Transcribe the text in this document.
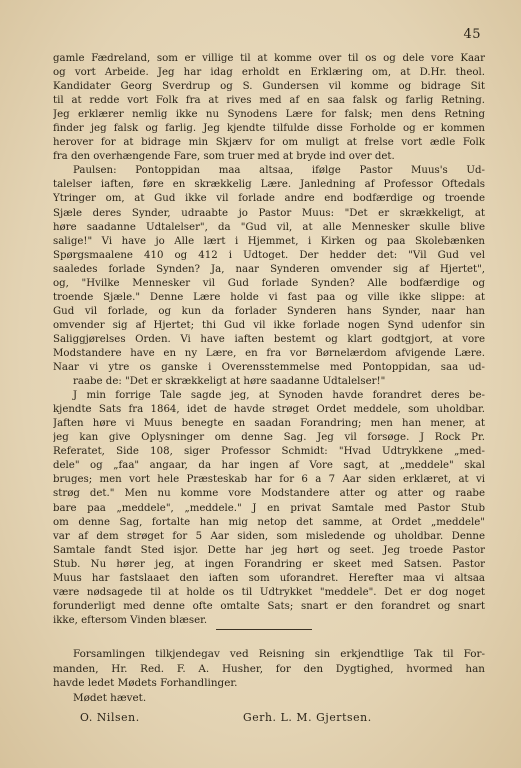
45
gamle Fædreland, som er villige til at komme over til os og dele vore Kaar
og vort Arbeide. Jeg har idag erholdt en Erklæring om, at D.Hr. theol.
Kandidater Georg Sverdrup og S. Gundersen vil komme og bidrage Sit
til at redde vort Folk fra at rives med af en saa falsk og farlig Retning.
Jeg erklærer nemlig ikke nu Synodens Lære for falsk; men dens Retning
finder jeg falsk og farlig. Jeg kjendte tilfulde disse Forholde og er kommen
herover for at bidrage min Skjærv for om muligt at frelse vort ædle Folk
fra den overhængende Fare, som truer med at bryde ind over det.
Paulsen: Pontoppidan maa altsaa, ifølge Pastor Muus's Ud-
talelser iaften, føre en skrækkelig Lære. Janledning af Professor Oftedals
Ytringer om, at Gud ikke vil forlade andre end bodfærdige og troende
Sjæle deres Synder, udraabte jo Pastor Muus: "Det er skrækkeligt, at
høre saadanne Udtalelser", da "Gud vil, at alle Mennesker skulle blive
salige!" Vi have jo Alle lært i Hjemmet, i Kirken og paa Skolebænken
Spørgsmaalene 410 og 412 i Udtoget. Der hedder det: "Vil Gud vel
saaledes forlade Synden? Ja, naar Synderen omvender sig af Hjertet",
og, "Hvilke Mennesker vil Gud forlade Synden? Alle bodfærdige og
troende Sjæle." Denne Lære holde vi fast paa og ville ikke slippe: at
Gud vil forlade, og kun da forlader Synderen hans Synder, naar han
omvender sig af Hjertet; thi Gud vil ikke forlade nogen Synd udenfor sin
Saliggjørelses Orden. Vi have iaften bestemt og klart godtgjort, at vore
Modstandere have en ny Lære, en fra vor Børnelærdom afvigende Lære.
Naar vi ytre os ganske i Overensstemmelse med Pontoppidan, saa ud-
raabe de: "Det er skrækkeligt at høre saadanne Udtalelser!"
J min forrige Tale sagde jeg, at Synoden havde forandret deres be-
kjendte Sats fra 1864, idet de havde strøget Ordet meddele, som uholdbar.
Jaften høre vi Muus benegte en saadan Forandring; men han mener, at
jeg kan give Oplysninger om denne Sag. Jeg vil forsøge. J Rock Pr.
Referatet, Side 108, siger Professor Schmidt: "Hvad Udtrykkene „med-
dele" og „faa" angaar, da har ingen af Vore sagt, at „meddele" skal
bruges; men vort hele Præsteskab har for 6 a 7 Aar siden erklæret, at vi
strøg det." Men nu komme vore Modstandere atter og atter og raabe
bare paa „meddele", „meddele." J en privat Samtale med Pastor Stub
om denne Sag, fortalte han mig netop det samme, at Ordet „meddele"
var af dem strøget for 5 Aar siden, som misledende og uholdbar. Denne
Samtale fandt Sted isjor. Dette har jeg hørt og seet. Jeg troede Pastor
Stub. Nu hører jeg, at ingen Forandring er skeet med Satsen. Pastor
Muus har fastslaaet den iaften som uforandret. Herefter maa vi altsaa
være nødsagede til at holde os til Udtrykket "meddele". Det er dog noget
forunderligt med denne ofte omtalte Sats; snart er den forandret og snart
ikke, eftersom Vinden blæser.
Forsamlingen tilkjendegav ved Reisning sin erkjendtlige Tak til For-
manden, Hr. Red. F. A. Husher, for den Dygtighed, hvormed han
havde ledet Mødets Forhandlinger.
Mødet hævet.
O. Nilsen.	Gerh. L. M. Gjertsen.
